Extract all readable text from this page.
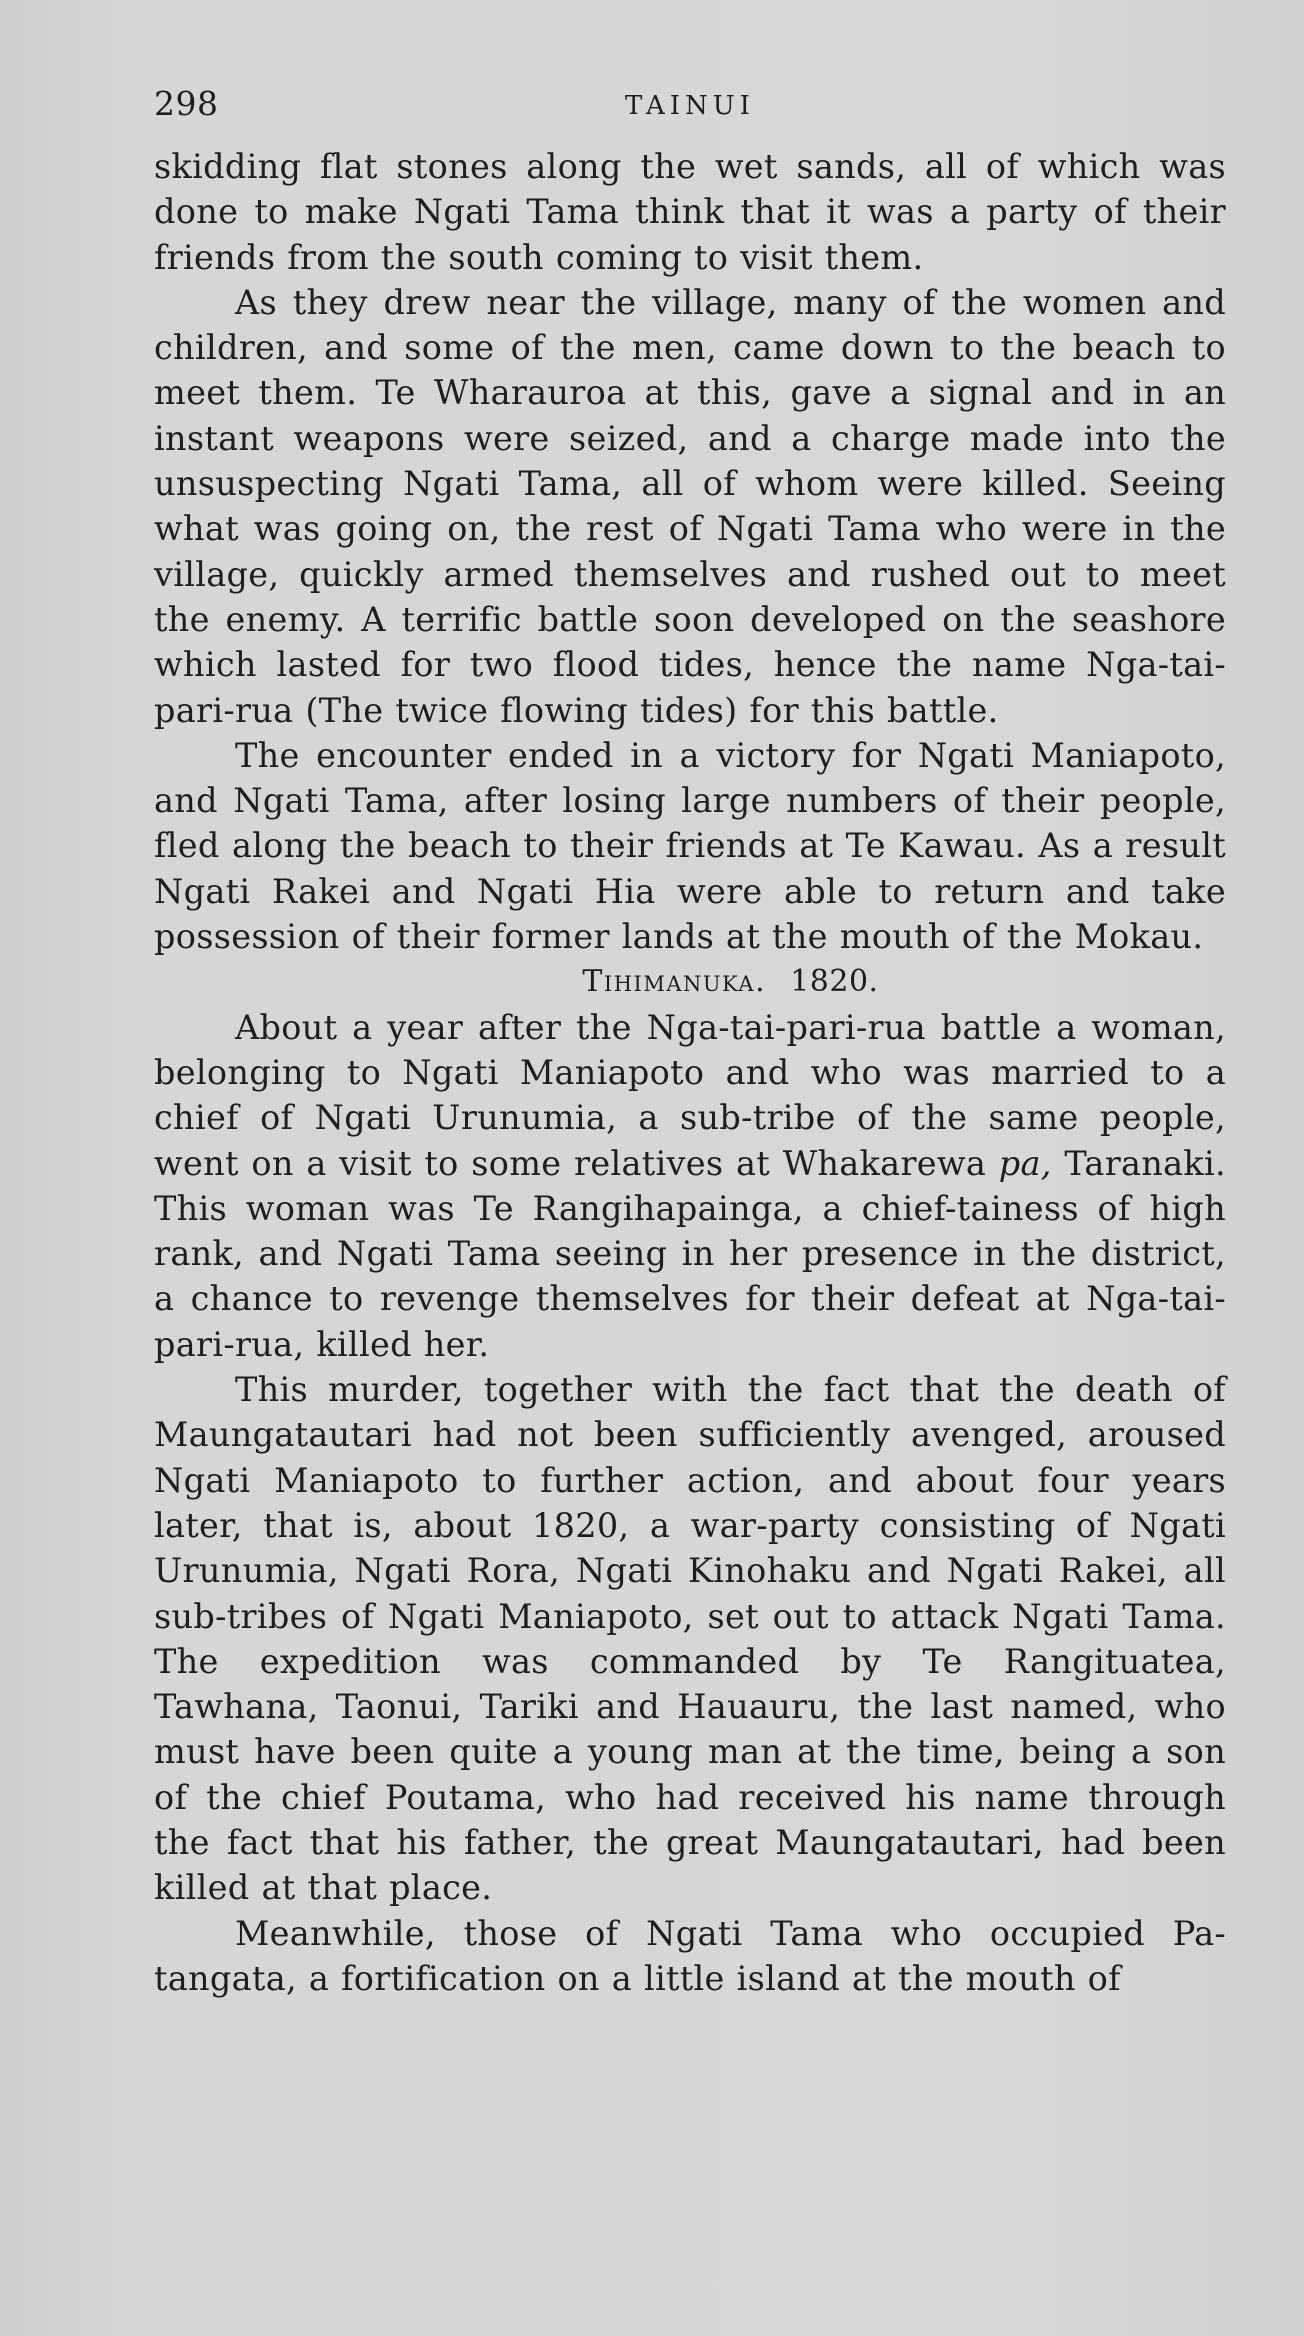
298	TAINUI

skidding flat stones along the wet sands, all of which was done to make Ngati Tama think that it was a party of their friends from the south coming to visit them.

As they drew near the village, many of the women and children, and some of the men, came down to the beach to meet them. Te Wharauroa at this, gave a signal and in an instant weapons were seized, and a charge made into the unsuspecting Ngati Tama, all of whom were killed. Seeing what was going on, the rest of Ngati Tama who were in the village, quickly armed themselves and rushed out to meet the enemy. A terrific battle soon developed on the seashore which lasted for two flood tides, hence the name Nga-tai-pari-rua (The twice flowing tides) for this battle.

The encounter ended in a victory for Ngati Maniapoto, and Ngati Tama, after losing large numbers of their people, fled along the beach to their friends at Te Kawau. As a result Ngati Rakei and Ngati Hia were able to return and take possession of their former lands at the mouth of the Mokau.

Tihimanuka. 1820.

About a year after the Nga-tai-pari-rua battle a woman, belonging to Ngati Maniapoto and who was married to a chief of Ngati Urunumia, a sub-tribe of the same people, went on a visit to some relatives at Whakarewa pa, Taranaki. This woman was Te Rangihapainga, a chief-tainess of high rank, and Ngati Tama seeing in her presence in the district, a chance to revenge themselves for their defeat at Nga-tai-pari-rua, killed her.

This murder, together with the fact that the death of Maungatautari had not been sufficiently avenged, aroused Ngati Maniapoto to further action, and about four years later, that is, about 1820, a war-party consisting of Ngati Urunumia, Ngati Rora, Ngati Kinohaku and Ngati Rakei, all sub-tribes of Ngati Maniapoto, set out to attack Ngati Tama. The expedition was commanded by Te Rangituatea, Tawhana, Taonui, Tariki and Hauauru, the last named, who must have been quite a young man at the time, being a son of the chief Poutama, who had received his name through the fact that his father, the great Maungatautari, had been killed at that place.

Meanwhile, those of Ngati Tama who occupied Pa-tangata, a fortification on a little island at the mouth of
